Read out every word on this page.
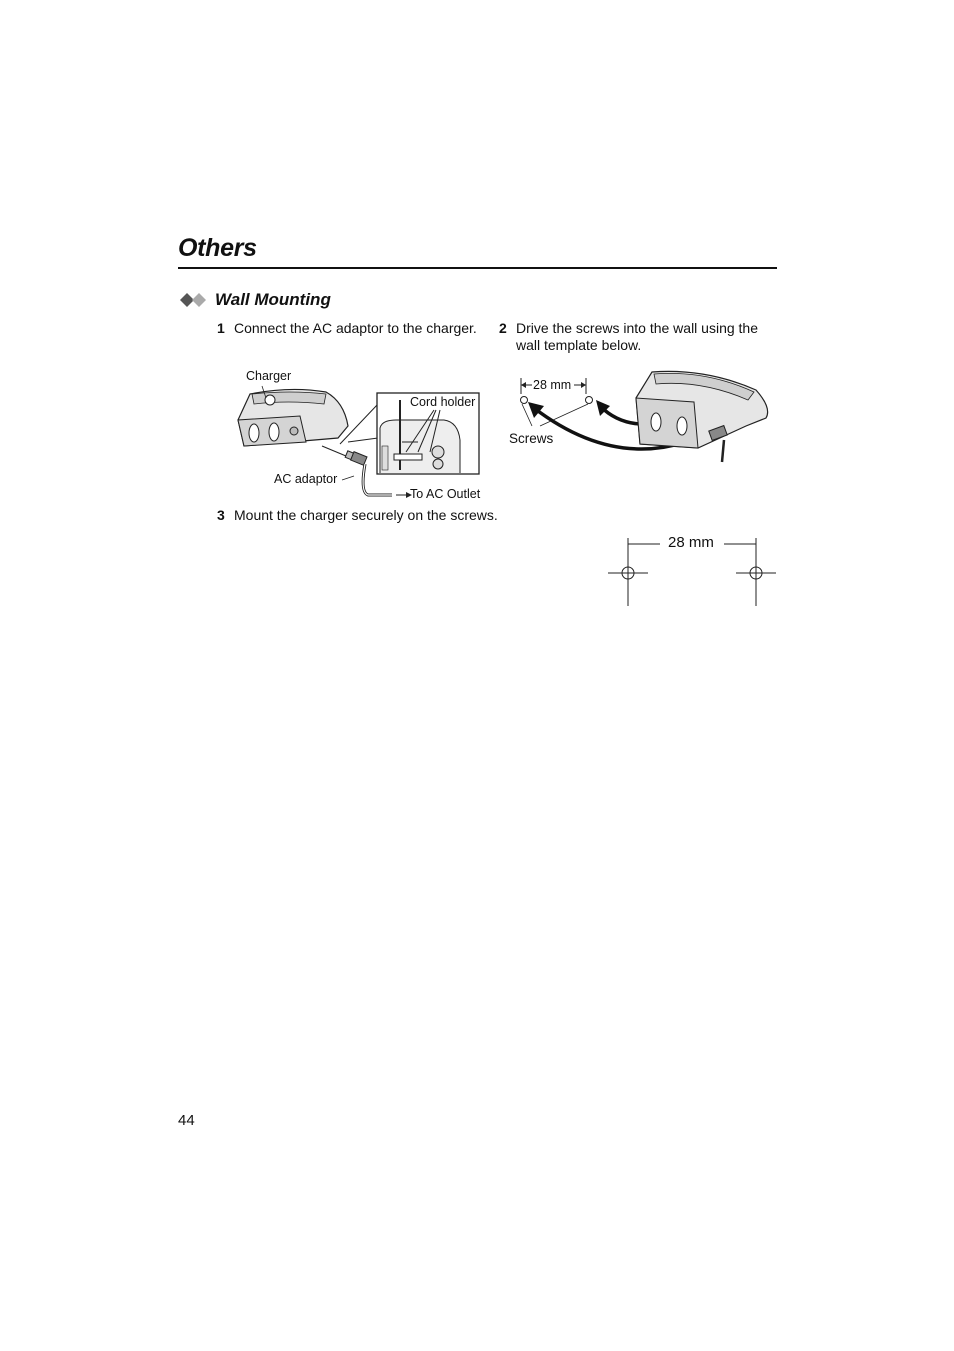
Others
Wall Mounting
1 Connect the AC adaptor to the charger. 2 Drive the screws into the wall using the
wall template below.
Charger
Cord holder
AC adaptor
To AC Outlet
28 mm
Screws
3 Mount the charger securely on the screws.
28 mm
44
